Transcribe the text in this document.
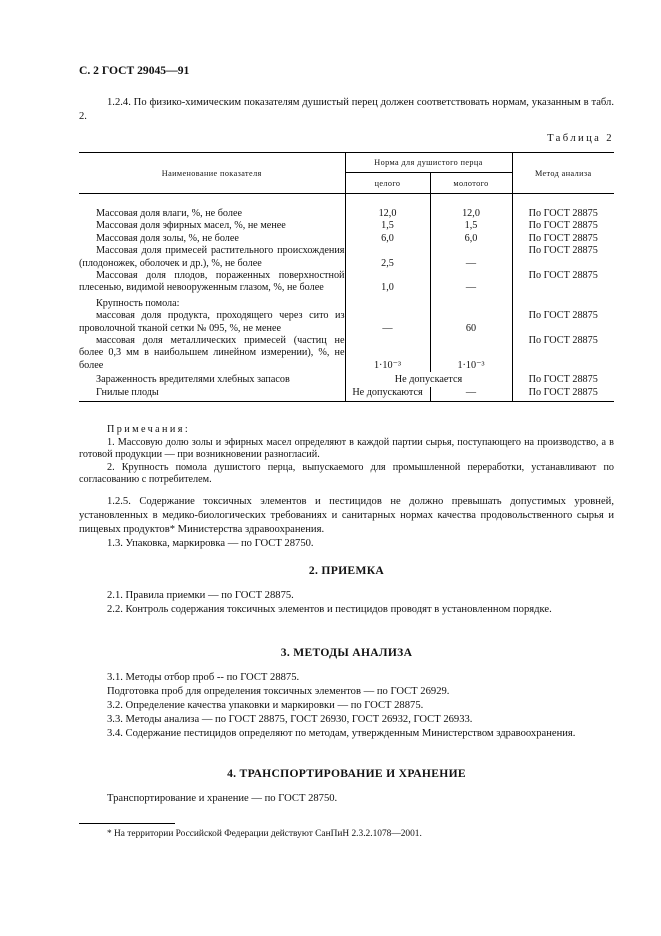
С. 2 ГОСТ 29045—91

1.2.4. По физико-химическим показателям душистый перец должен соответствовать нормам, указанным в табл. 2.

Таблица 2
Наименование показателя	Норма для душистого перца		Метод анализа
	целого	молотого	

Массовая доля влаги, %, не более	12,0	12,0	По ГОСТ 28875
Массовая доля эфирных масел, %, не менее	1,5	1,5	По ГОСТ 28875
Массовая доля золы, %, не более	6,0	6,0	По ГОСТ 28875
Массовая доля примесей растительного происхождения (плодоножек, оболочек и др.), %, не более	2,5	—	По ГОСТ 28875
Массовая доля плодов, пораженных поверхностной плесенью, видимой невооруженным глазом, %, не более	1,0	—	По ГОСТ 28875
Крупность помола:			
массовая доля продукта, проходящего через сито из проволочной тканой сетки № 095, %, не менее	—	60	По ГОСТ 28875
массовая доля металлических примесей (частиц не более 0,3 мм в наибольшем линейном измерении), %, не более	1·10⁻³	1·10⁻³	По ГОСТ 28875
Зараженность вредителями хлебных запасов	Не допускается		По ГОСТ 28875
Гнилые плоды	Не допускаются	—	По ГОСТ 28875

Примечания:

1. Массовую долю золы и эфирных масел определяют в каждой партии сырья, поступающего на производство, а в готовой продукции — при возникновении разногласий.

2. Крупность помола душистого перца, выпускаемого для промышленной переработки, устанавливают по согласованию с потребителем.

1.2.5. Содержание токсичных элементов и пестицидов не должно превышать допустимых уровней, установленных в медико-биологических требованиях и санитарных нормах качества продовольственного сырья и пищевых продуктов* Министерства здравоохранения.

1.3. Упаковка, маркировка — по ГОСТ 28750.

2. ПРИЕМКА

2.1. Правила приемки — по ГОСТ 28875.

2.2. Контроль содержания токсичных элементов и пестицидов проводят в установленном порядке.

3. МЕТОДЫ АНАЛИЗА

3.1. Методы отбор проб -- по ГОСТ 28875.

Подготовка проб для определения токсичных элементов — по ГОСТ 26929.

3.2. Определение качества упаковки и маркировки — по ГОСТ 28875.

3.3. Методы анализа — по ГОСТ 28875, ГОСТ 26930, ГОСТ 26932, ГОСТ 26933.

3.4. Содержание пестицидов определяют по методам, утвержденным Министерством здравоохранения.

4. ТРАНСПОРТИРОВАНИЕ И ХРАНЕНИЕ

Транспортирование и хранение — по ГОСТ 28750.

* На территории Российской Федерации действуют СанПиН 2.3.2.1078—2001.
